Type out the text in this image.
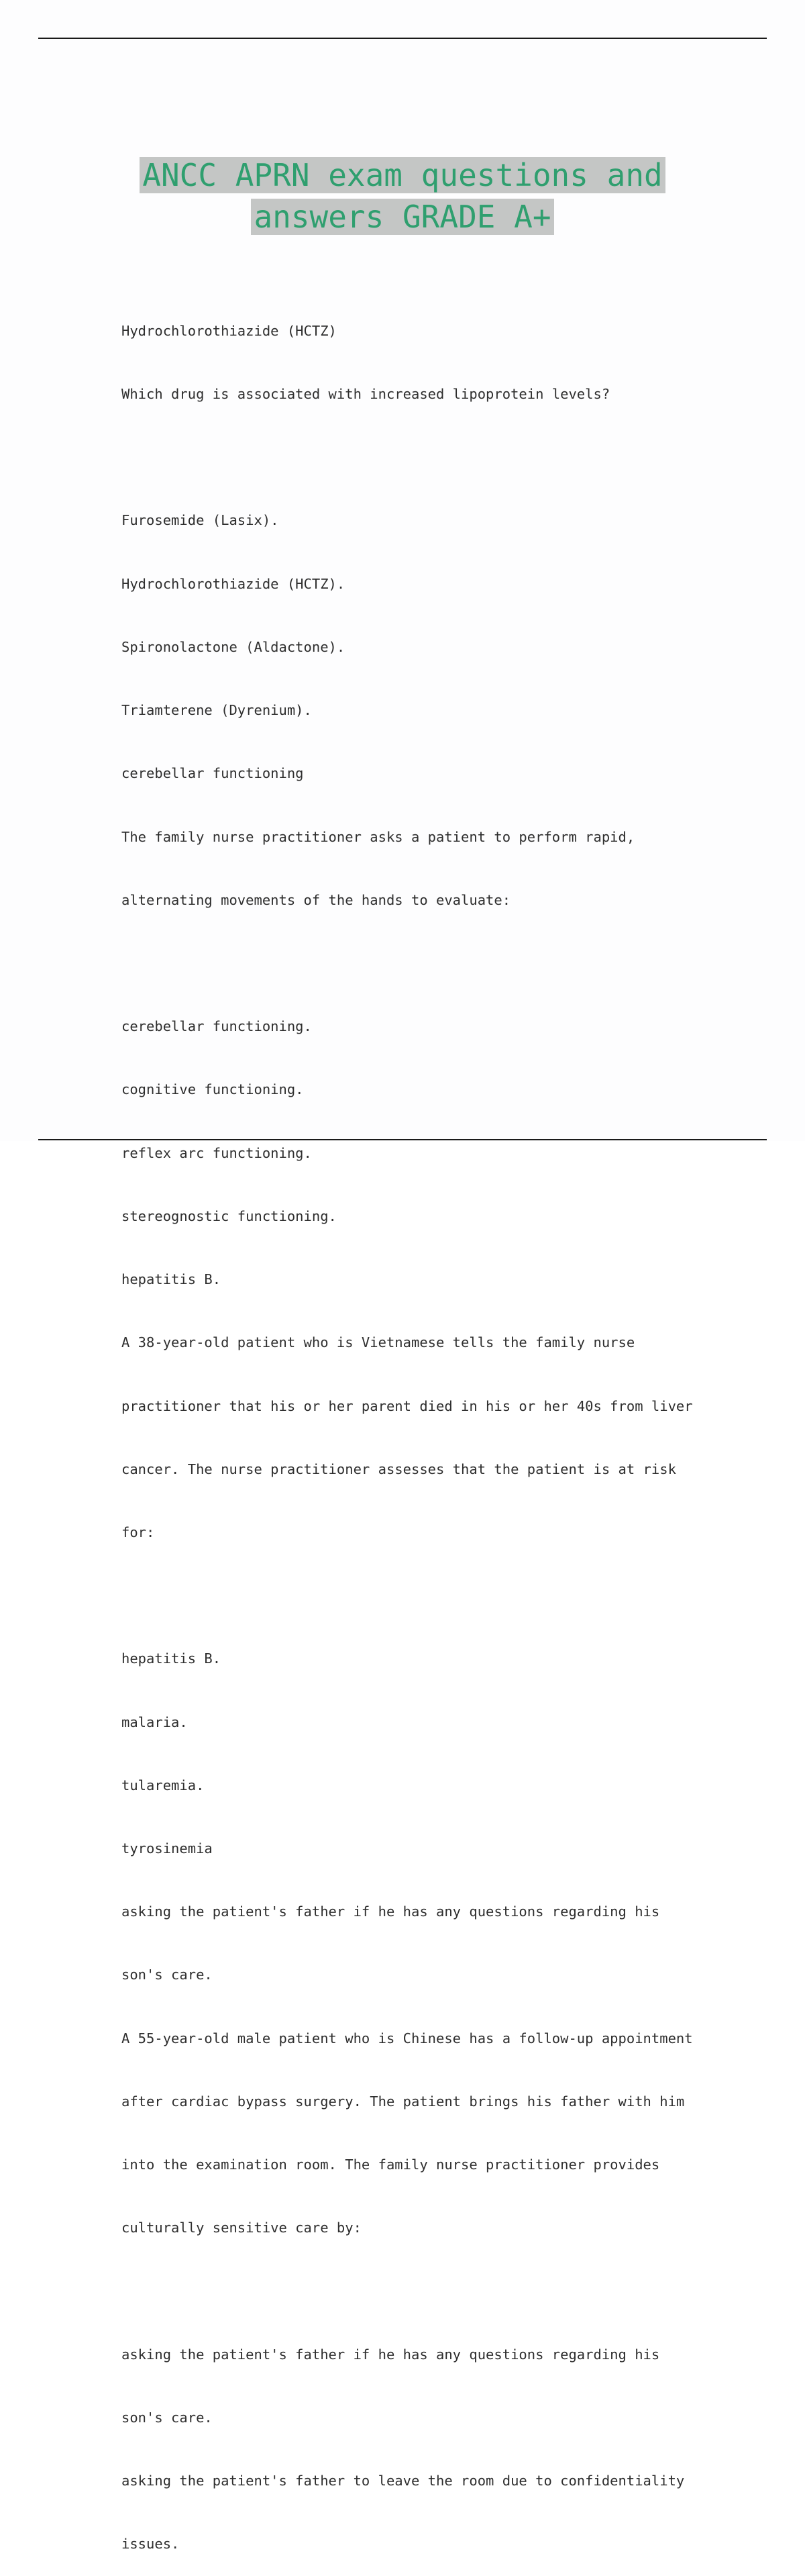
ANCC APRN exam questions and
answers GRADE A+

Hydrochlorothiazide (HCTZ)

Which drug is associated with increased lipoprotein levels?

Furosemide (Lasix).

Hydrochlorothiazide (HCTZ).

Spironolactone (Aldactone).

Triamterene (Dyrenium).

cerebellar functioning

The family nurse practitioner asks a patient to perform rapid,

alternating movements of the hands to evaluate:

cerebellar functioning.

cognitive functioning.

reflex arc functioning.

stereognostic functioning.

hepatitis B.

A 38-year-old patient who is Vietnamese tells the family nurse

practitioner that his or her parent died in his or her 40s from liver

cancer. The nurse practitioner assesses that the patient is at risk

for:

hepatitis B.

malaria.

tularemia.

tyrosinemia

asking the patient's father if he has any questions regarding his

son's care.

A 55-year-old male patient who is Chinese has a follow-up appointment

after cardiac bypass surgery. The patient brings his father with him

into the examination room. The family nurse practitioner provides

culturally sensitive care by:

asking the patient's father if he has any questions regarding his

son's care.

asking the patient's father to leave the room due to confidentiality

issues.
